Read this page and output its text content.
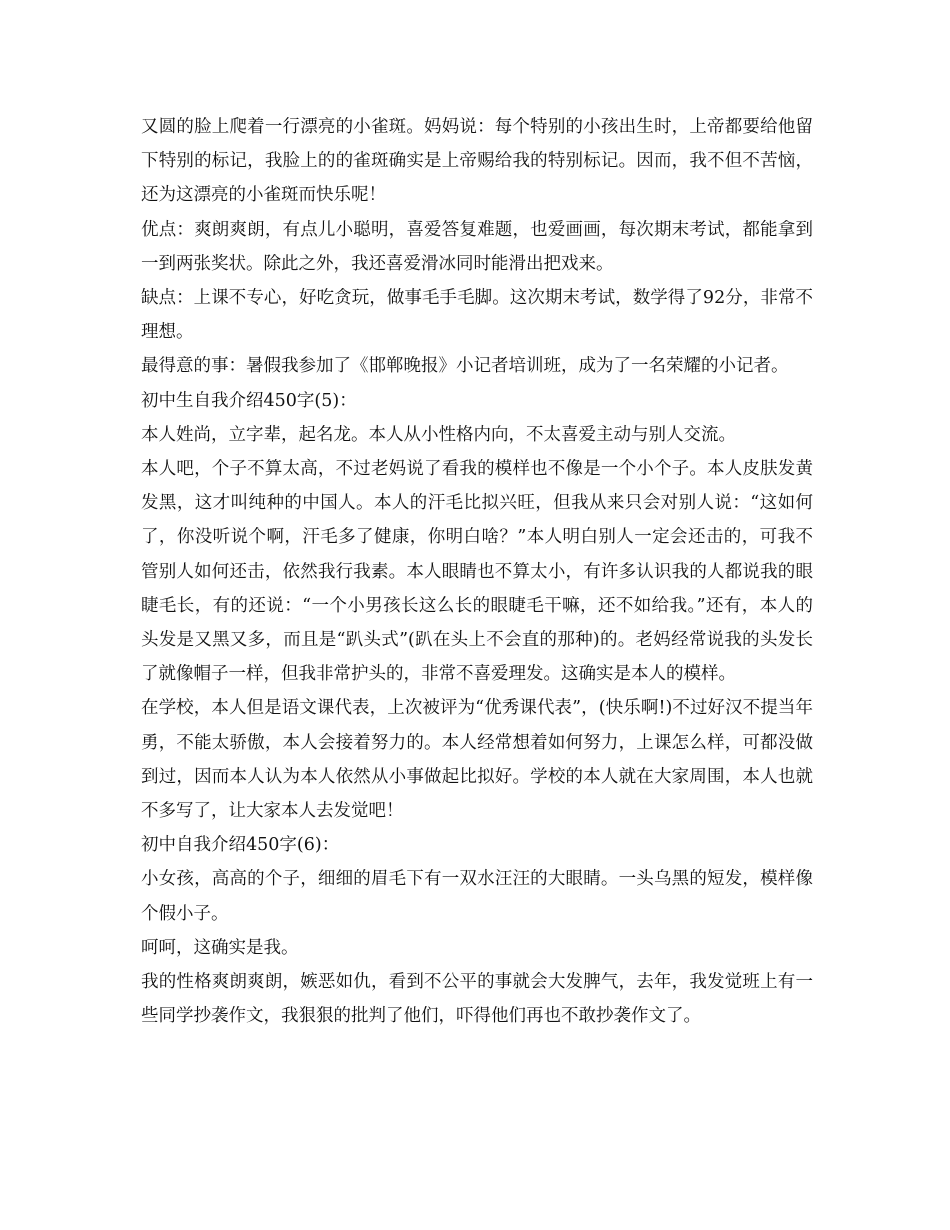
又圆的脸上爬着一行漂亮的小雀斑。妈妈说：每个特别的小孩出生时，上帝都要给他留下特别的标记，我脸上的的雀斑确实是上帝赐给我的特别标记。因而，我不但不苦恼，还为这漂亮的小雀斑而快乐呢！

优点：爽朗爽朗，有点儿小聪明，喜爱答复难题，也爱画画，每次期末考试，都能拿到一到两张奖状。除此之外，我还喜爱滑冰同时能滑出把戏来。

缺点：上课不专心，好吃贪玩，做事毛手毛脚。这次期末考试，数学得了92分，非常不理想。

最得意的事：暑假我参加了《邯郸晚报》小记者培训班，成为了一名荣耀的小记者。

初中生自我介绍450字(5)：

本人姓尚，立字辈，起名龙。本人从小性格内向，不太喜爱主动与别人交流。

本人吧，个子不算太高，不过老妈说了看我的模样也不像是一个小个子。本人皮肤发黄发黑，这才叫纯种的中国人。本人的汗毛比拟兴旺，但我从来只会对别人说：“这如何了，你没听说个啊，汗毛多了健康，你明白啥？”本人明白别人一定会还击的，可我不管别人如何还击，依然我行我素。本人眼睛也不算太小，有许多认识我的人都说我的眼睫毛长，有的还说：“一个小男孩长这么长的眼睫毛干嘛，还不如给我。”还有，本人的头发是又黑又多，而且是“趴头式”(趴在头上不会直的那种)的。老妈经常说我的头发长了就像帽子一样，但我非常护头的，非常不喜爱理发。这确实是本人的模样。

在学校，本人但是语文课代表，上次被评为“优秀课代表”，(快乐啊!)不过好汉不提当年勇，不能太骄傲，本人会接着努力的。本人经常想着如何努力，上课怎么样，可都没做到过，因而本人认为本人依然从小事做起比拟好。学校的本人就在大家周围，本人也就不多写了，让大家本人去发觉吧！

初中自我介绍450字(6)：

小女孩，高高的个子，细细的眉毛下有一双水汪汪的大眼睛。一头乌黑的短发，模样像个假小子。

呵呵，这确实是我。

我的性格爽朗爽朗，嫉恶如仇，看到不公平的事就会大发脾气，去年，我发觉班上有一些同学抄袭作文，我狠狠的批判了他们，吓得他们再也不敢抄袭作文了。
